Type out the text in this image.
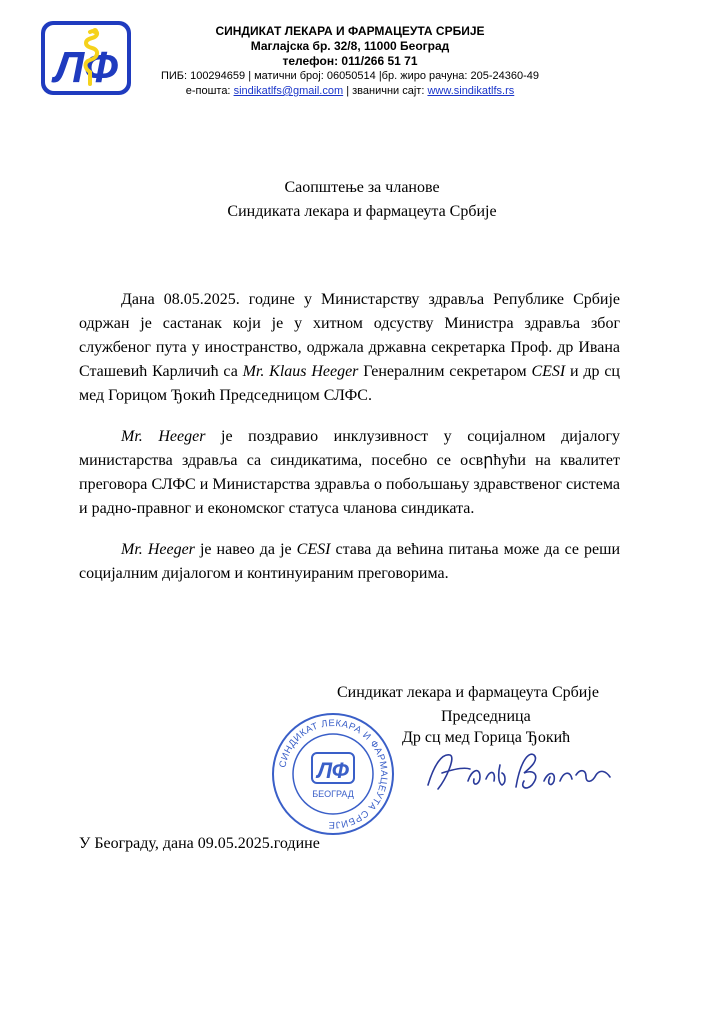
ЛФ
СИНДИКАТ ЛЕКАРА И ФАРМАЦЕУТА СРБИЈЕ
Маглајска бр. 32/8, 11000 Београд
телефон: 011/266 51 71
ПИБ: 100294659 | матични број: 06050514 |бр. жиро рачуна: 205-24360-49
е-пошта: sindikatlfs@gmail.com | званични сајт: www.sindikatlfs.rs
Саопштење за чланове
Синдиката лекара и фармацеута Србије

Дана 08.05.2025. године у Министарству здравља Републике Србије одржан је састанак који је у хитном одсуству Министра здравља због службеног пута у иностранство, одржала државна секретарка Проф. др Ивана Сташевић Карличић са Mr. Klaus Heeger Генералним секретаром CESI и др сц мед Горицом Ђокић Председницом СЛФС.

Mr. Heeger је поздравио инклузивност у социјалном дијалогу министарства здравља са синдикатима, посебно се освրћући на квалитет преговора СЛФС и Министарства здравља о побољшању здравственог система и радно-правног и економског статуса чланова синдиката.

Mr. Heeger је навео да је CESI става да већина питања може да се реши социјалним дијалогом и континуираним преговорима.

Синдикат лекара и фармацеута Србије
Председница
Др сц мед Горица Ђокић
СИНДИКАТ ЛЕКАРА И ФАРМАЦЕУТА СРБИЈЕ
ЛФ
БЕОГРАД
У Београду, дана 09.05.2025.године
